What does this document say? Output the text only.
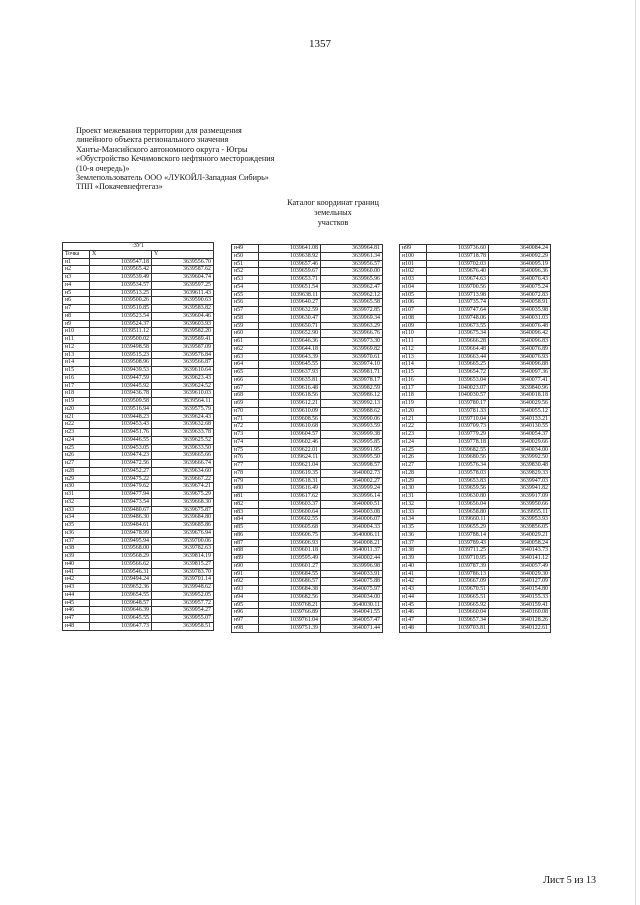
1357
Проект межевания территории для размещения
линейного объекта регионального значения
Ханты-Мансийского автономного округа - Югры
«Обустройство Кечимовского нефтяного месторождения
(10-я очередь)»
Землепользователь ООО «ЛУКОЙЛ-Западная Сибирь»
ТПП «Покачевнефтегаз»
Каталог координат границ земельных
участков
:ЗУ1		
Точка	X	Y
н1	1039547.18	3639556.70
н2	1039565.42	3639587.62
н3	1039539.49	3639604.74
н4	1039534.57	3639597.25
н5	1039513.25	3639611.43
н6	1039500.26	3639590.63
н7	1039510.85	3639583.82
н8	1039523.54	3639604.46
н9	1039524.37	3639603.93
н10	1039511.12	3639582.20
н11	1039500.02	3639589.41
н12	1039498.58	3639587.09
н13	1039515.23	3639576.84
н14	1039508.96	3639566.87
н15	1039439.53	3639610.64
н16	1039447.59	3639623.43
н17	1039445.92	3639624.52
н18	1039436.78	3639610.03
н19	1039509.58	3639564.11
н20	1039516.94	3639575.79
н21	1039448.23	3639624.43
н22	1039453.43	3639632.68
н23	1039451.76	3639633.78
н24	1039446.55	3639625.52
н25	1039453.05	3639633.50
н26	1039474.23	3639665.66
н27	1039472.56	3639666.74
н28	1039452.27	3639634.60
н29	1039475.22	3639667.22
н30	1039479.62	3639674.21
н31	1039477.94	3639675.29
н32	1039473.54	3639668.30
н33	1039480.67	3639675.87
н34	1039486.30	3639684.80
н35	1039484.61	3639685.86
н36	1039478.99	3639676.94
н37	1039495.94	3639700.06
н38	1039568.00	3639782.63
н39	1039568.29	3639814.19
н40	1039566.62	3639815.27
н41	1039546.31	3639783.70
н42	1039494.24	3639701.14
н43	1039652.36	3639948.62
н44	1039654.55	3639952.05
н45	1039648.57	3639957.72
н46	1039646.39	3639954.27
н47	1039645.55	3639955.07
н48	1039647.73	3639958.51
н49	1039641.08	3639964.81
н50	1039638.92	3639961.34
н51	1039657.46	3639956.57
н52	1039659.67	3639960.00
н53	1039653.71	3639965.96
н54	1039651.54	3639962.47
н55	1039638.11	3639962.12
н56	1039640.27	3639965.58
н57	1039632.59	3639972.85
н58	1039630.47	3639969.34
н59	1039650.71	3639963.29
н60	1039652.90	3639966.76
н61	1039646.36	3639973.30
н62	1039644.18	3639969.82
н63	1039643.39	3639970.61
н64	1039645.55	3639974.10
н65	1039637.93	3639981.71
н66	1039635.81	3639978.17
н67	1039616.48	3639982.59
н68	1039618.56	3639986.12
н69	1039612.21	3639992.13
н70	1039610.09	3639988.62
н71	1039608.56	3639990.06
н72	1039610.68	3639993.59
н73	1039604.57	3639999.38
н74	1039602.46	3639995.85
н75	1039622.01	3639991.95
н76	1039624.11	3639995.50
н77	1039621.04	3639998.57
н78	1039619.35	3640002.73
н79	1039618.31	3640002.27
н80	1039616.49	3639999.24
н81	1039617.62	3639996.14
н82	1039603.37	3640000.51
н83	1039600.64	3640003.08
н84	1039602.55	3640006.07
н85	1039605.68	3640004.33
н86	1039606.75	3640006.11
н87	1039606.93	3640008.21
н88	1039601.18	3640011.37
н89	1039595.49	3640002.44
н90	1039601.27	3639996.98
н91	1039684.55	3640033.91
н92	1039686.57	3640075.88
н93	1039684.38	3640075.97
н94	1039682.56	3640034.00
н95	1039768.21	3640030.11
н96	1039766.89	3640041.55
н97	1039761.04	3640057.47
н98	1039751.39	3640071.44
н99	1039736.60	3640084.24
н100	1039718.78	3640092.29
н101	1039702.03	3640095.19
н102	1039676.40	3640096.36
н103	1039674.63	3640076.43
н104	1039700.56	3640075.24
н105	1039713.98	3640072.83
н106	1039735.74	3640058.91
н107	1039747.64	3640035.98
н108	1039748.06	3640031.03
н109	1039673.55	3640076.48
н110	1039675.34	3640096.42
н111	1039666.28	3640096.83
н112	1039664.48	3640076.89
н113	1039663.44	3640076.93
н114	1039665.25	3640096.88
н115	1039654.72	3640097.36
н116	1039653.04	3640077.41
н117	1040023.07	3639840.96
н118	1040030.57	3640018.18
н119	1039780.17	3640029.56
н120	1039781.33	3640055.12
н121	1039710.04	3640133.21
н122	1039709.73	3640130.55
н123	1039779.29	3640054.37
н124	1039778.18	3640029.66
н125	1039682.55	3640034.00
н126	1039680.56	3639992.50
н127	1039576.34	3639830.48
н128	1039578.03	3639829.33
н129	1039653.83	3639947.03
н130	1039659.56	3639941.82
н131	1039630.80	3639917.09
н132	1039656.04	3639950.66
н133	1039658.80	3639955.11
н134	1039660.11	3639953.93
н135	1039655.29	3639856.05
н136	1039788.14	3640029.21
н137	1039789.43	3640058.24
н138	1039711.25	3640143.73
н139	1039710.95	3640141.12
н140	1039787.39	3640057.49
н141	1039786.13	3640029.30
н142	1039667.09	3640127.09
н143	1039670.51	3640154.80
н144	1039665.51	3640155.33
н145	1039665.92	3640159.41
н146	1039660.04	3640160.08
н147	1039657.34	3640128.26
н148	1039703.81	3640122.61
Лист 5 из 13
